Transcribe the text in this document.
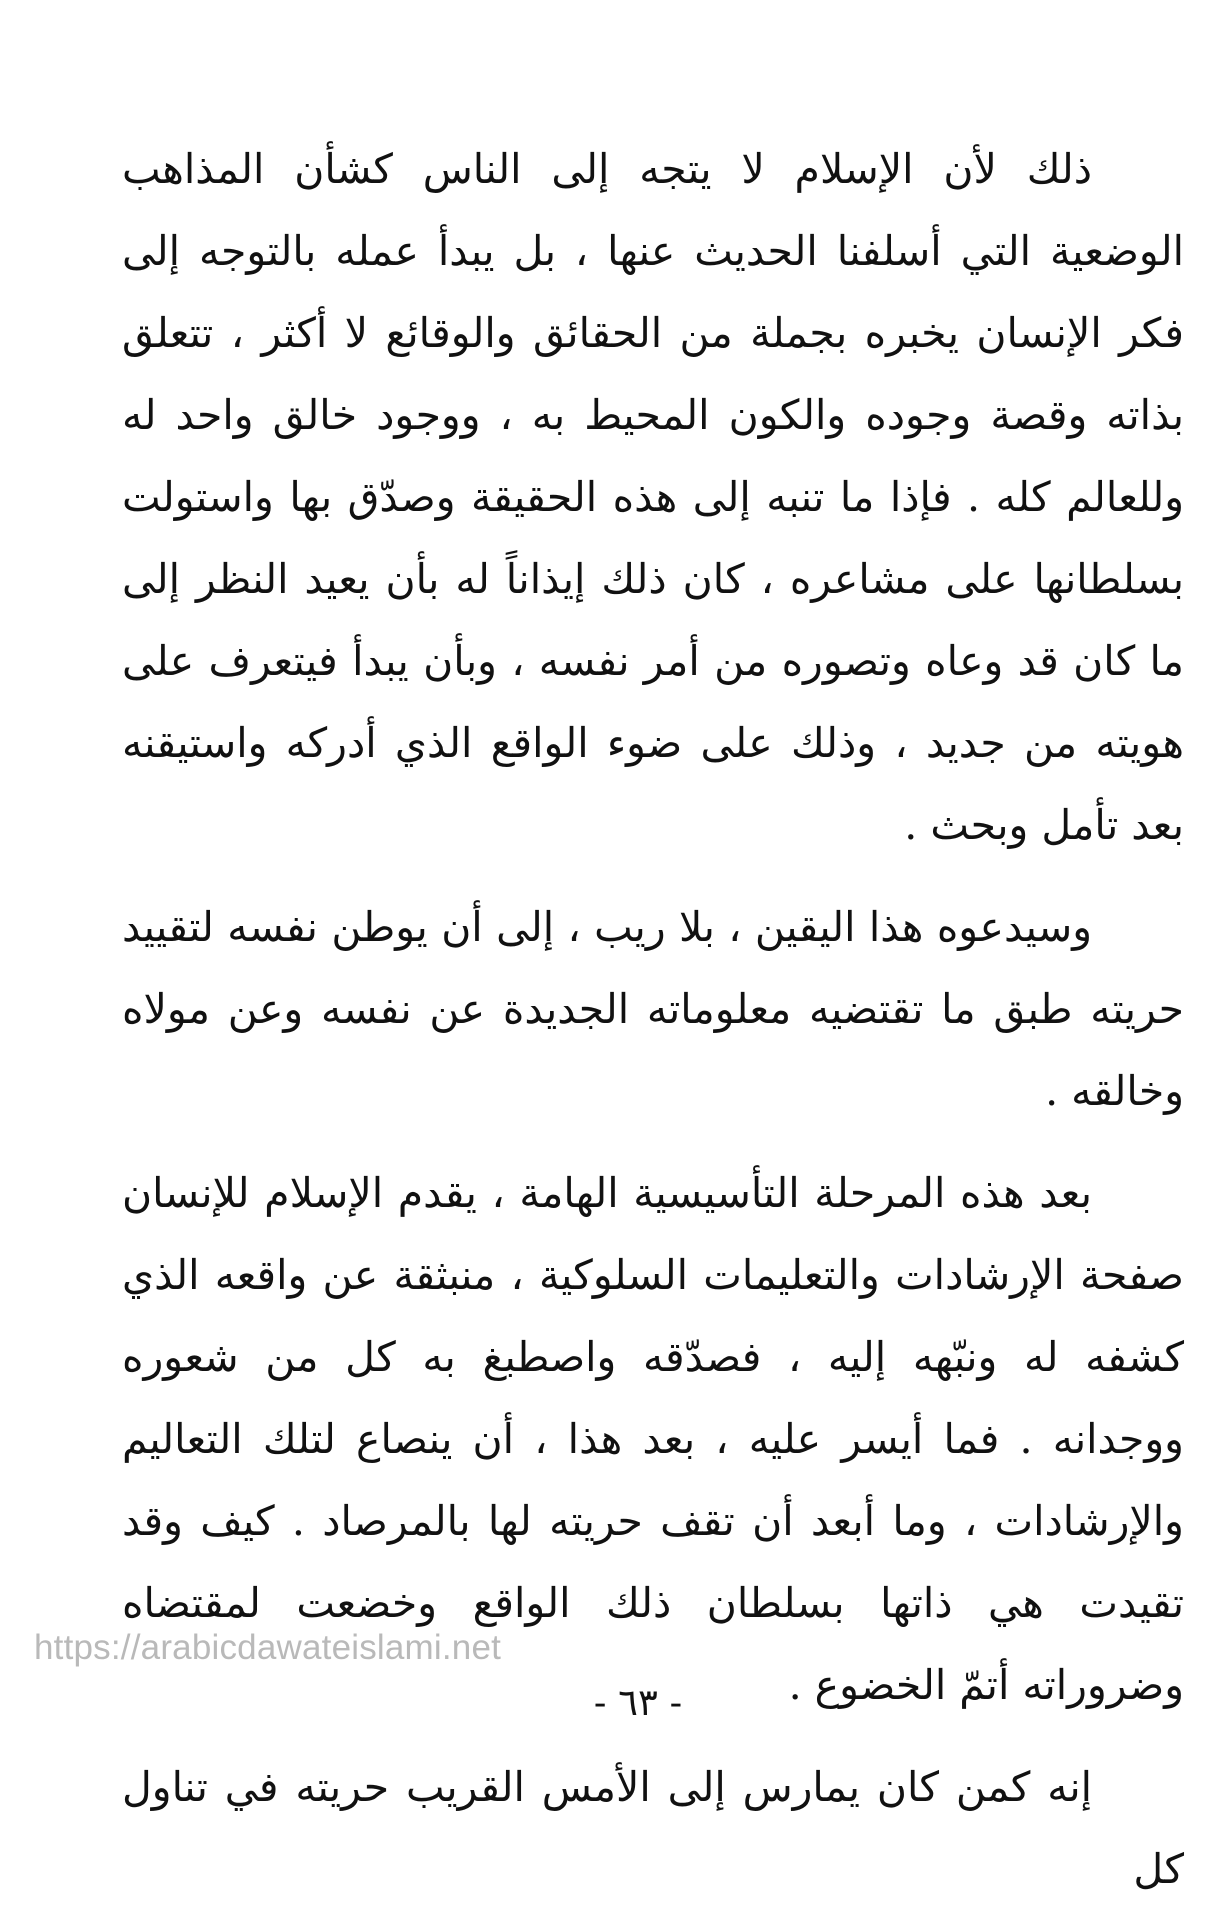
ذلك لأن الإسلام لا يتجه إلى الناس كشأن المذاهب الوضعية التي أسلفنا الحديث عنها ، بل يبدأ عمله بالتوجه إلى فكر الإنسان يخبره بجملة من الحقائق والوقائع لا أكثر ، تتعلق بذاته وقصة وجوده والكون المحيط به ، ووجود خالق واحد له وللعالم كله . فإذا ما تنبه إلى هذه الحقيقة وصدّق بها واستولت بسلطانها على مشاعره ، كان ذلك إيذاناً له بأن يعيد النظر إلى ما كان قد وعاه وتصوره من أمر نفسه ، وبأن يبدأ فيتعرف على هويته من جديد ، وذلك على ضوء الواقع الذي أدركه واستيقنه بعد تأمل وبحث .

وسيدعوه هذا اليقين ، بلا ريب ، إلى أن يوطن نفسه لتقييد حريته طبق ما تقتضيه معلوماته الجديدة عن نفسه وعن مولاه وخالقه .

بعد هذه المرحلة التأسيسية الهامة ، يقدم الإسلام للإنسان صفحة الإرشادات والتعليمات السلوكية ، منبثقة عن واقعه الذي كشفه له ونبّهه إليه ، فصدّقه واصطبغ به كل من شعوره ووجدانه . فما أيسر عليه ، بعد هذا ، أن ينصاع لتلك التعاليم والإرشادات ، وما أبعد أن تقف حريته لها بالمرصاد . كيف وقد تقيدت هي ذاتها بسلطان ذلك الواقع وخضعت لمقتضاه وضروراته أتمّ الخضوع .

إنه كمن كان يمارس إلى الأمس القريب حريته في تناول كل

https://arabicdawateislami.net
- ٦٣ -
